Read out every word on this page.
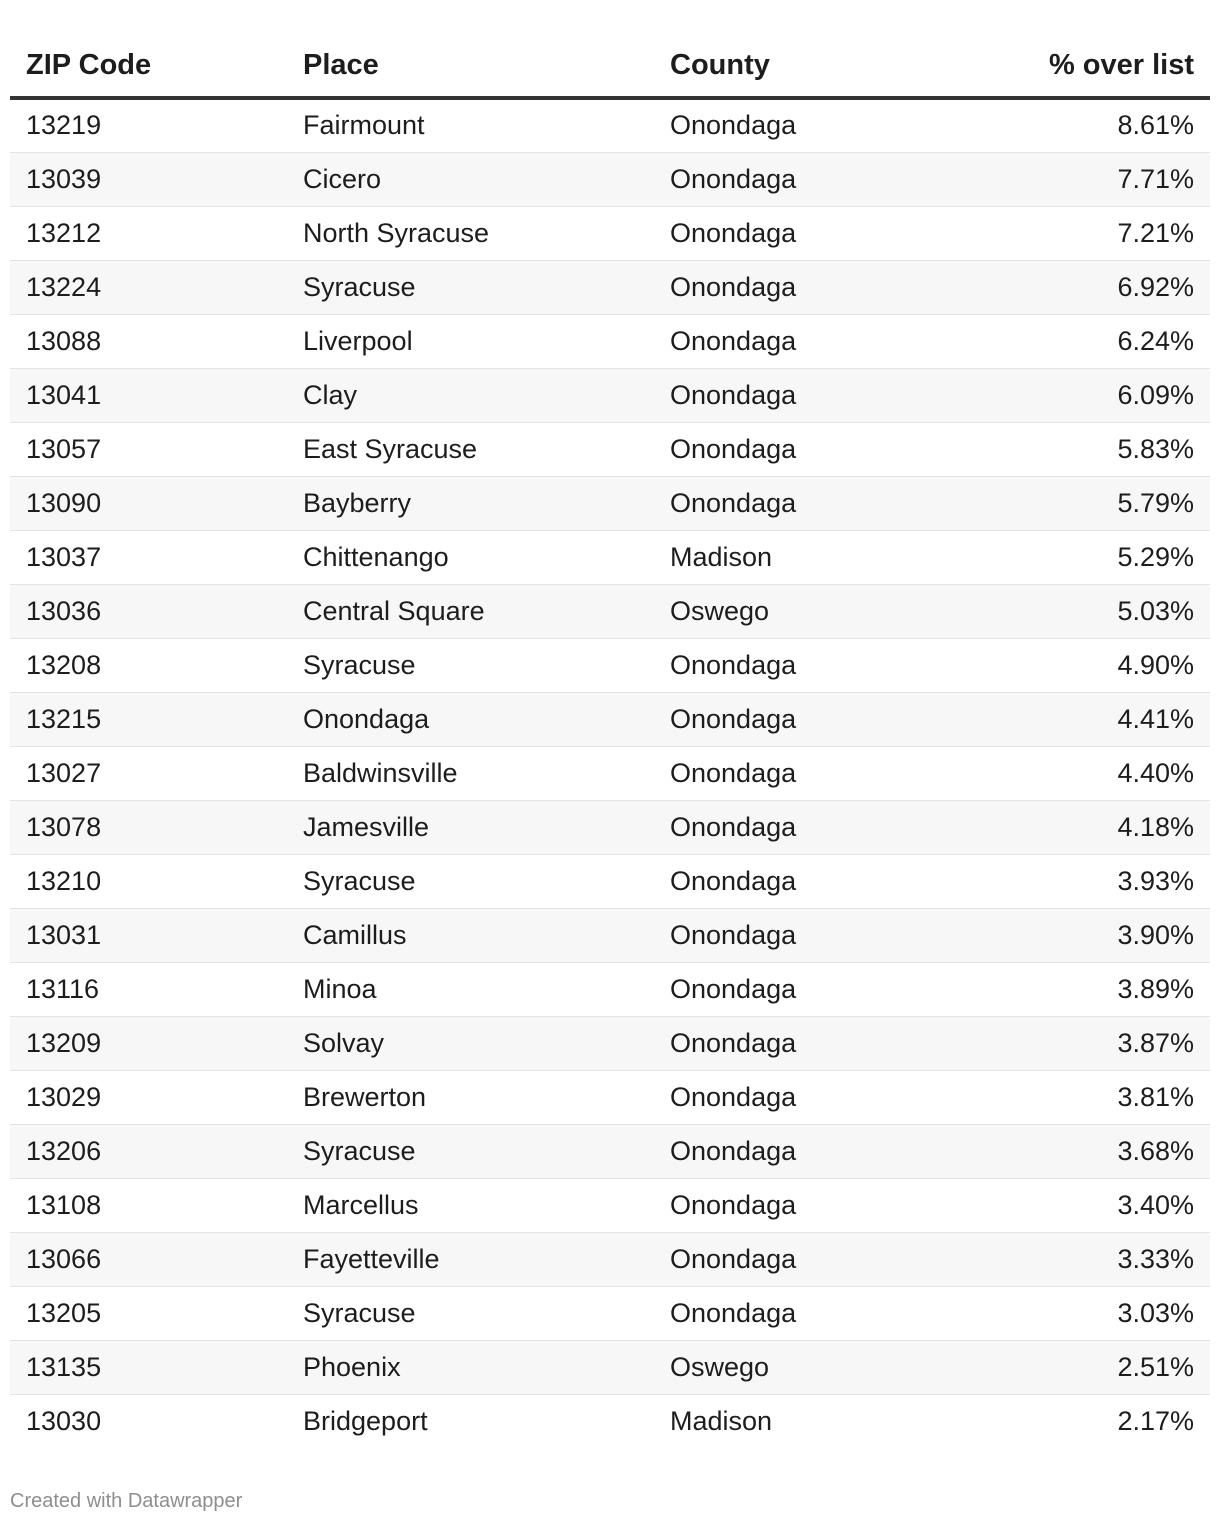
ZIP Code	Place	County	% over list
13219	Fairmount	Onondaga	8.61%
13039	Cicero	Onondaga	7.71%
13212	North Syracuse	Onondaga	7.21%
13224	Syracuse	Onondaga	6.92%
13088	Liverpool	Onondaga	6.24%
13041	Clay	Onondaga	6.09%
13057	East Syracuse	Onondaga	5.83%
13090	Bayberry	Onondaga	5.79%
13037	Chittenango	Madison	5.29%
13036	Central Square	Oswego	5.03%
13208	Syracuse	Onondaga	4.90%
13215	Onondaga	Onondaga	4.41%
13027	Baldwinsville	Onondaga	4.40%
13078	Jamesville	Onondaga	4.18%
13210	Syracuse	Onondaga	3.93%
13031	Camillus	Onondaga	3.90%
13116	Minoa	Onondaga	3.89%
13209	Solvay	Onondaga	3.87%
13029	Brewerton	Onondaga	3.81%
13206	Syracuse	Onondaga	3.68%
13108	Marcellus	Onondaga	3.40%
13066	Fayetteville	Onondaga	3.33%
13205	Syracuse	Onondaga	3.03%
13135	Phoenix	Oswego	2.51%
13030	Bridgeport	Madison	2.17%
Created with Datawrapper
